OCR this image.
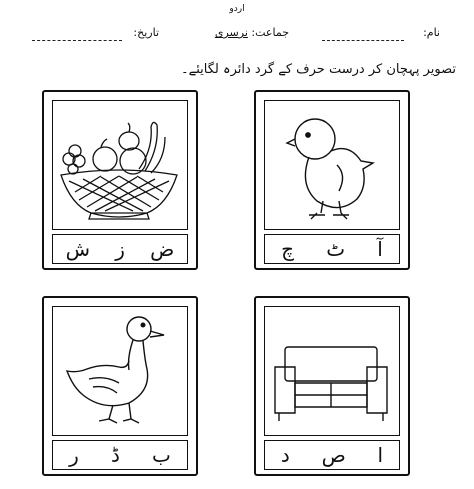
اردو
نام:
جماعت: نرسری
تاریخ:
تصویر پہچان کر درست حرف کے گرد دائرہ لگایئے۔
ش ز ض	چ ٹ آ
ر ڈ ب	د ص ا
